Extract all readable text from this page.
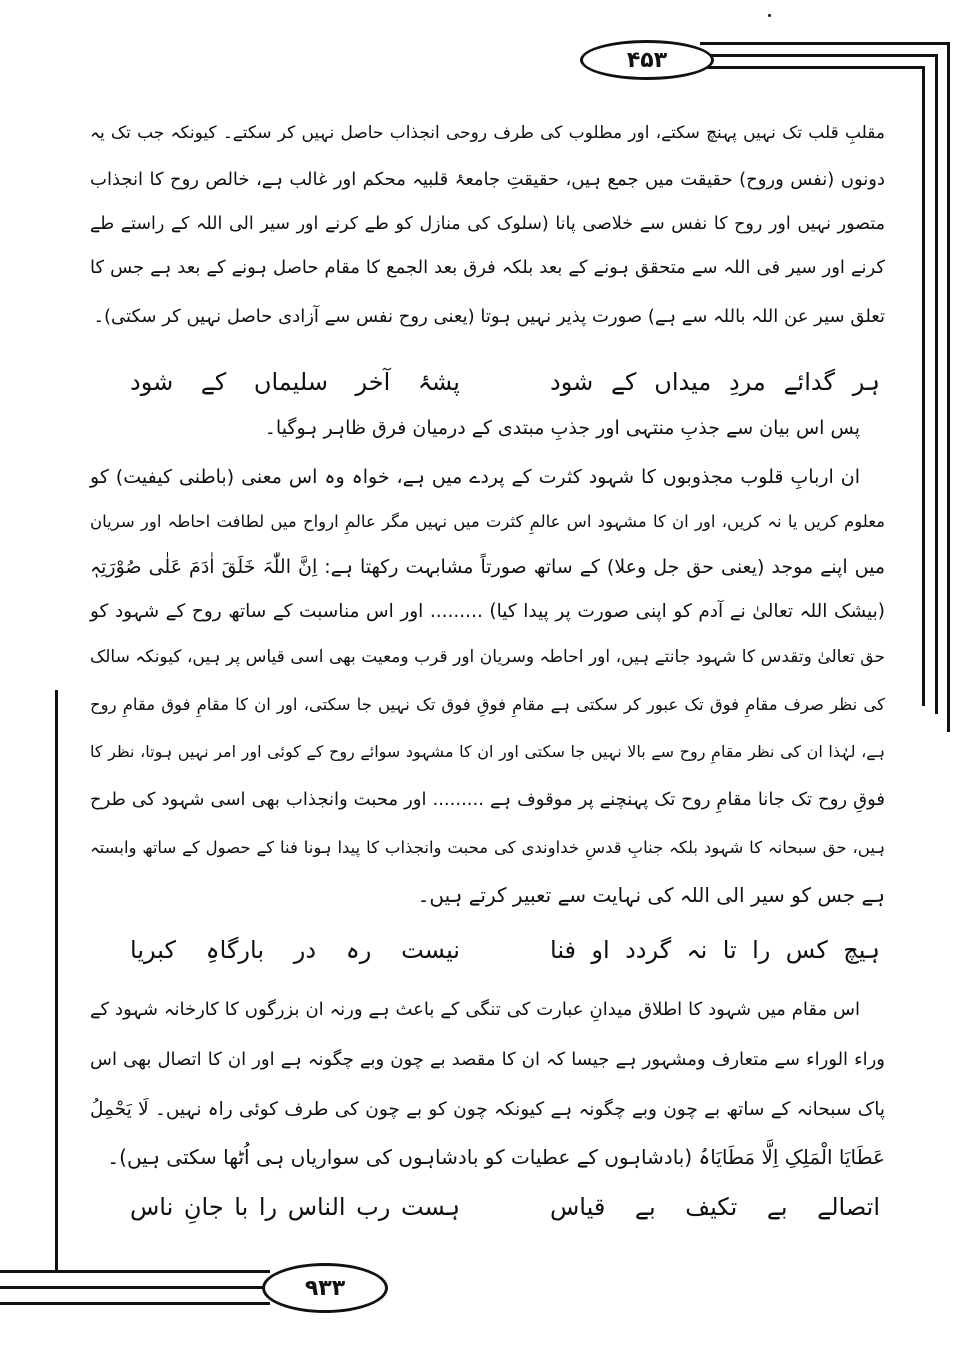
۴۵۳
۹۳۳
مقلبِ قلب تک نہیں پہنچ سکتے، اور مطلوب کی طرف روحی انجذاب حاصل نہیں کر سکتے۔ کیونکہ جب تک یہ
دونوں (نفس وروح) حقیقت میں جمع ہیں، حقیقتِ جامعۂ قلبیہ محکم اور غالب ہے، خالص روح کا انجذاب
متصور نہیں اور روح کا نفس سے خلاصی پانا (سلوک کی منازل کو طے کرنے اور سیر الی اللہ کے راستے طے
کرنے اور سیر فی اللہ سے متحقق ہونے کے بعد بلکہ فرق بعد الجمع کا مقام حاصل ہونے کے بعد ہے جس کا
تعلق سیر عن اللہ باللہ سے ہے) صورت پذیر نہیں ہوتا (یعنی روح نفس سے آزادی حاصل نہیں کر سکتی)۔
ہر گدائے مردِ میداں کے شود
پشۂ آخر سلیماں کے شود
پس اس بیان سے جذبِ منتہی اور جذبِ مبتدی کے درمیان فرق ظاہر ہوگیا۔
ان اربابِ قلوب مجذوبوں کا شہود کثرت کے پردے میں ہے، خواہ وہ اس معنی (باطنی کیفیت) کو
معلوم کریں یا نہ کریں، اور ان کا مشہود اس عالمِ کثرت میں نہیں مگر عالمِ ارواح میں لطافت احاطہ اور سریان
میں اپنے موجد (یعنی حق جل وعلا) کے ساتھ صورتاً مشابہت رکھتا ہے: اِنَّ اللّٰہَ خَلَقَ اٰدَمَ عَلٰی صُوْرَتِہٖ
(بیشک اللہ تعالیٰ نے آدم کو اپنی صورت پر پیدا کیا) ......... اور اس مناسبت کے ساتھ روح کے شہود کو
حق تعالیٰ وتقدس کا شہود جانتے ہیں، اور احاطہ وسریان اور قرب ومعیت بھی اسی قیاس پر ہیں، کیونکہ سالک
کی نظر صرف مقامِ فوق تک عبور کر سکتی ہے مقامِ فوقِ فوق تک نہیں جا سکتی، اور ان کا مقامِ فوق مقامِ روح
ہے، لہٰذا ان کی نظر مقامِ روح سے بالا نہیں جا سکتی اور ان کا مشہود سوائے روح کے کوئی اور امر نہیں ہوتا، نظر کا
فوقِ روح تک جانا مقامِ روح تک پہنچنے پر موقوف ہے ......... اور محبت وانجذاب بھی اسی شہود کی طرح
ہیں، حق سبحانہ کا شہود بلکہ جنابِ قدسِ خداوندی کی محبت وانجذاب کا پیدا ہونا فنا کے حصول کے ساتھ وابستہ
ہے جس کو سیر الی اللہ کی نہایت سے تعبیر کرتے ہیں۔
ہیچ کس را تا نہ گردد او فنا
نیست رہ در بارگاہِ کبریا
اس مقام میں شہود کا اطلاق میدانِ عبارت کی تنگی کے باعث ہے ورنہ ان بزرگوں کا کارخانہ شہود کے
وراء الوراء سے متعارف ومشہور ہے جیسا کہ ان کا مقصد بے چون وبے چگونہ ہے اور ان کا اتصال بھی اس
پاک سبحانہ کے ساتھ بے چون وبے چگونہ ہے کیونکہ چون کو بے چون کی طرف کوئی راہ نہیں۔ لَا یَحْمِلُ
عَطَایَا الْمَلِکِ اِلَّا مَطَایَاہُ (بادشاہوں کے عطیات کو بادشاہوں کی سواریاں ہی اُٹھا سکتی ہیں)۔
اتصالے بے تکیف بے قیاس
ہست رب الناس را با جانِ ناس
